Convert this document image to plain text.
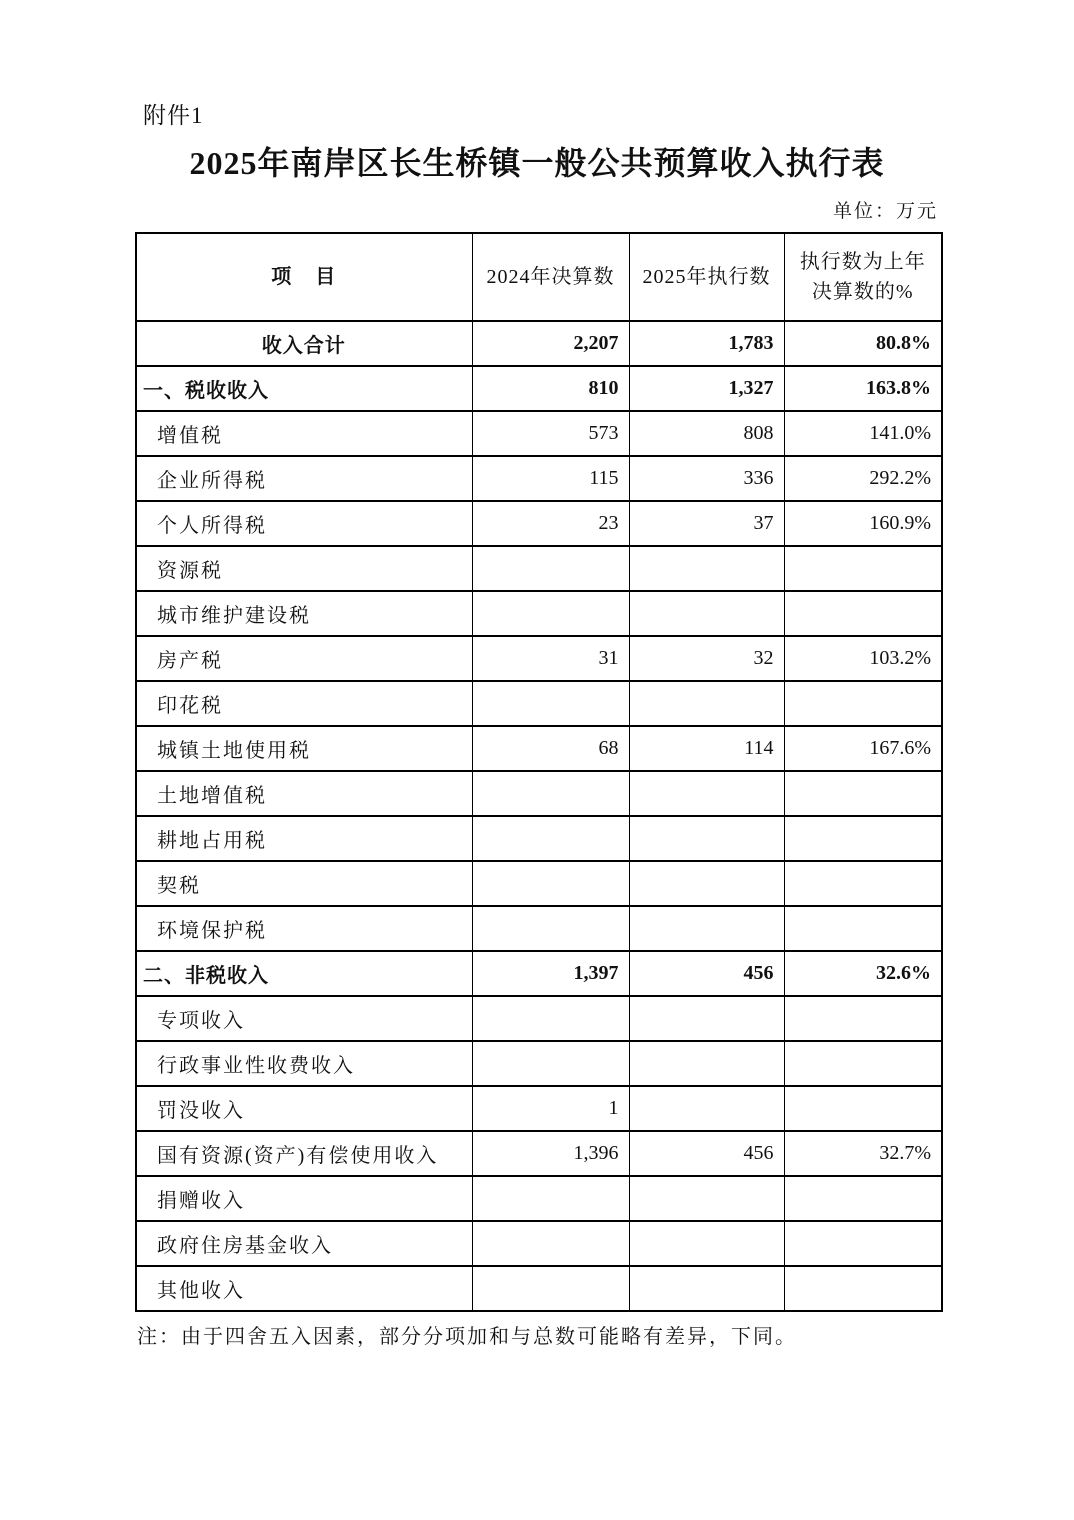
附件1
2025年南岸区长生桥镇一般公共预算收入执行表
单位：万元
项　目	2024年决算数	2025年执行数	执行数为上年决算数的%
收入合计	2,207	1,783	80.8%
一、税收收入	810	1,327	163.8%
增值税	573	808	141.0%
企业所得税	115	336	292.2%
个人所得税	23	37	160.9%
资源税			
城市维护建设税			
房产税	31	32	103.2%
印花税			
城镇土地使用税	68	114	167.6%
土地增值税			
耕地占用税			
契税			
环境保护税			
二、非税收入	1,397	456	32.6%
专项收入			
行政事业性收费收入			
罚没收入	1		
国有资源(资产)有偿使用收入	1,396	456	32.7%
捐赠收入			
政府住房基金收入			
其他收入			
注：由于四舍五入因素，部分分项加和与总数可能略有差异，下同。
